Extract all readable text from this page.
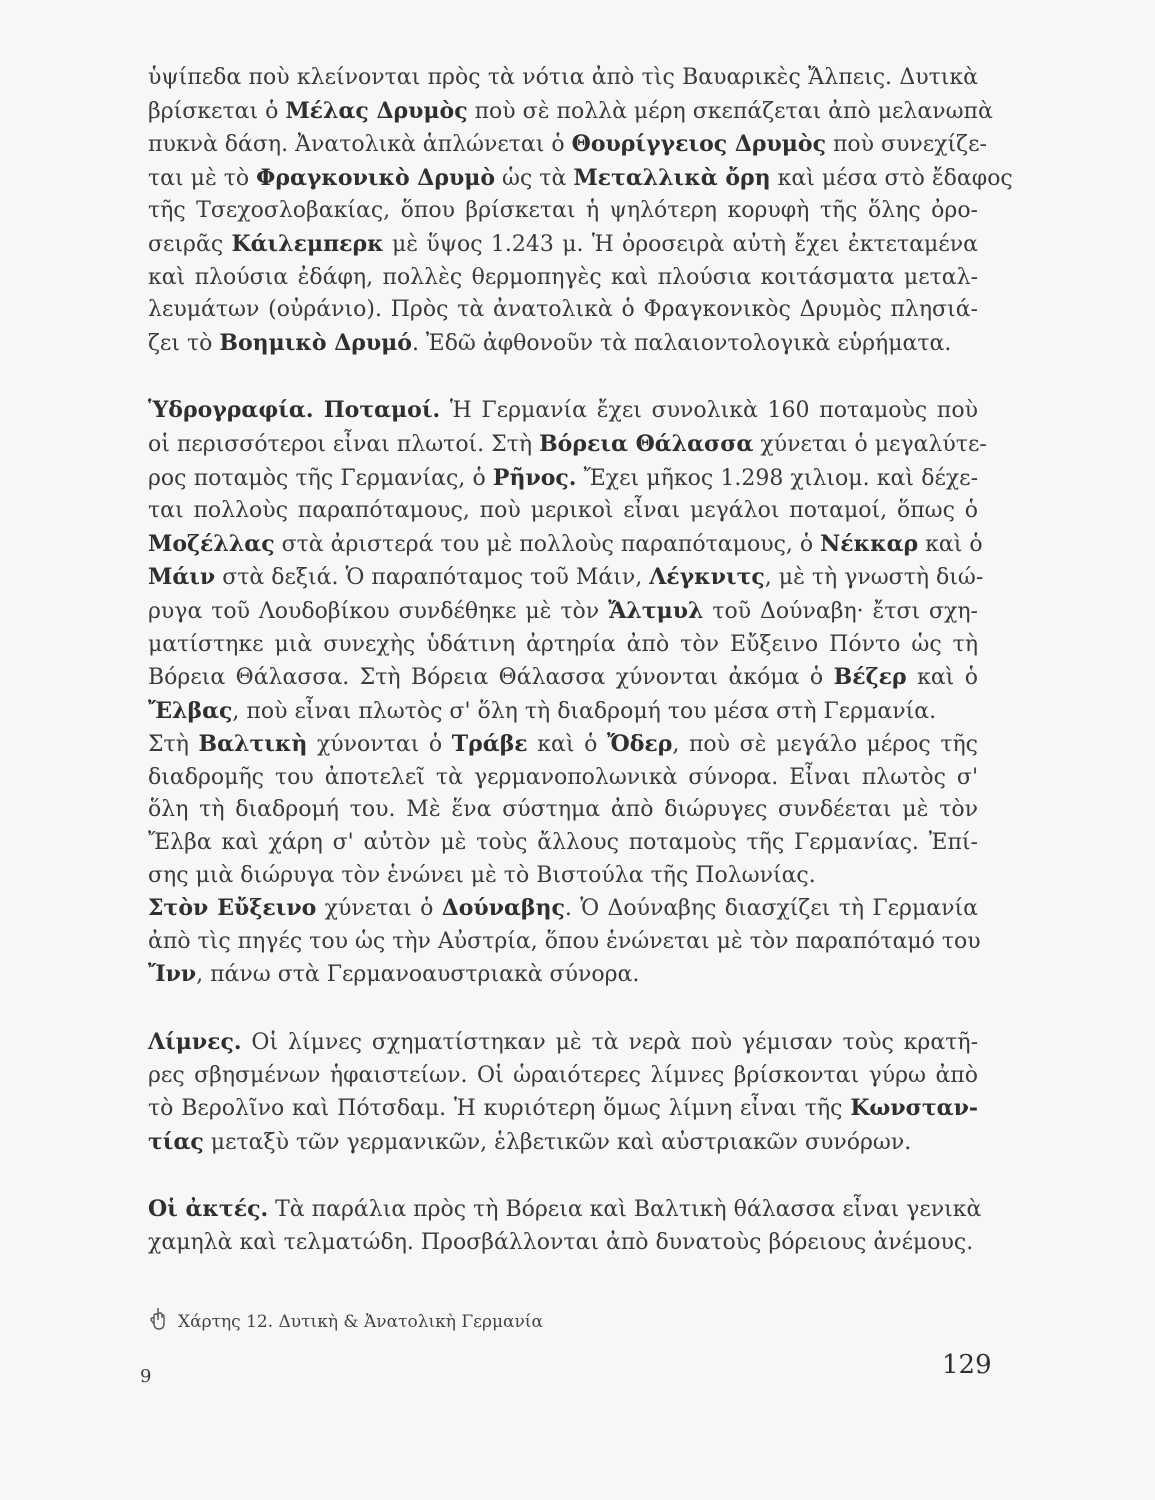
ὑψίπεδα ποὺ κλείνονται πρὸς τὰ νότια ἀπὸ τὶς Βαυαρικὲς Ἄλπεις. Δυτικὰ
βρίσκεται ὁ Μέλας Δρυμὸς ποὺ σὲ πολλὰ μέρη σκεπάζεται ἀπὸ μελανωπὰ
πυκνὰ δάση. Ἀνατολικὰ ἁπλώνεται ὁ Θουρίγγειος Δρυμὸς ποὺ συνεχίζε-
ται μὲ τὸ Φραγκονικὸ Δρυμὸ ὡς τὰ Μεταλλικὰ ὄρη καὶ μέσα στὸ ἔδαφος
τῆς Τσεχοσλοβακίας, ὅπου βρίσκεται ἡ ψηλότερη κορυφὴ τῆς ὅλης ὀρο-
σειρᾶς Κάιλεμπερκ μὲ ὕψος 1.243 μ. Ἡ ὀροσειρὰ αὐτὴ ἔχει ἐκτεταμένα
καὶ πλούσια ἐδάφη, πολλὲς θερμοπηγὲς καὶ πλούσια κοιτάσματα μεταλ-
λευμάτων (οὐράνιο). Πρὸς τὰ ἀνατολικὰ ὁ Φραγκονικὸς Δρυμὸς πλησιά-
ζει τὸ Βοημικὸ Δρυμό. Ἐδῶ ἀφθονοῦν τὰ παλαιοντολογικὰ εὑρήματα.

Ὑδρογραφία. Ποταμοί. Ἡ Γερμανία ἔχει συνολικὰ 160 ποταμοὺς ποὺ
οἱ περισσότεροι εἶναι πλωτοί. Στὴ Βόρεια Θάλασσα χύνεται ὁ μεγαλύτε-
ρος ποταμὸς τῆς Γερμανίας, ὁ Ρῆνος. Ἔχει μῆκος 1.298 χιλιομ. καὶ δέχε-
ται πολλοὺς παραπόταμους, ποὺ μερικοὶ εἶναι μεγάλοι ποταμοί, ὅπως ὁ
Μοζέλλας στὰ ἀριστερά του μὲ πολλοὺς παραπόταμους, ὁ Νέκκαρ καὶ ὁ
Μάιν στὰ δεξιά. Ὁ παραπόταμος τοῦ Μάιν, Λέγκνιτς, μὲ τὴ γνωστὴ διώ-
ρυγα τοῦ Λουδοβίκου συνδέθηκε μὲ τὸν Ἄλτμυλ τοῦ Δούναβη· ἔτσι σχη-
ματίστηκε μιὰ συνεχὴς ὑδάτινη ἀρτηρία ἀπὸ τὸν Εὔξεινο Πόντο ὡς τὴ
Βόρεια Θάλασσα. Στὴ Βόρεια Θάλασσα χύνονται ἀκόμα ὁ Βέζερ καὶ ὁ
Ἔλβας, ποὺ εἶναι πλωτὸς σ' ὅλη τὴ διαδρομή του μέσα στὴ Γερμανία.

Στὴ Βαλτικὴ χύνονται ὁ Τράβε καὶ ὁ Ὄδερ, ποὺ σὲ μεγάλο μέρος τῆς
διαδρομῆς του ἀποτελεῖ τὰ γερμανοπολωνικὰ σύνορα. Εἶναι πλωτὸς σ'
ὅλη τὴ διαδρομή του. Μὲ ἕνα σύστημα ἀπὸ διώρυγες συνδέεται μὲ τὸν
Ἔλβα καὶ χάρη σ' αὐτὸν μὲ τοὺς ἄλλους ποταμοὺς τῆς Γερμανίας. Ἐπί-
σης μιὰ διώρυγα τὸν ἑνώνει μὲ τὸ Βιστούλα τῆς Πολωνίας.

Στὸν Εὔξεινο χύνεται ὁ Δούναβης. Ὁ Δούναβης διασχίζει τὴ Γερμανία
ἀπὸ τὶς πηγές του ὡς τὴν Αὐστρία, ὅπου ἑνώνεται μὲ τὸν παραπόταμό του
Ἴνν, πάνω στὰ Γερμανοαυστριακὰ σύνορα.

Λίμνες. Οἱ λίμνες σχηματίστηκαν μὲ τὰ νερὰ ποὺ γέμισαν τοὺς κρατῆ-
ρες σβησμένων ἡφαιστείων. Οἱ ὡραιότερες λίμνες βρίσκονται γύρω ἀπὸ
τὸ Βερολῖνο καὶ Πότσδαμ. Ἡ κυριότερη ὅμως λίμνη εἶναι τῆς Κωνσταν-
τίας μεταξὺ τῶν γερμανικῶν, ἑλβετικῶν καὶ αὐστριακῶν συνόρων.

Οἱ ἀκτές. Τὰ παράλια πρὸς τὴ Βόρεια καὶ Βαλτικὴ θάλασσα εἶναι γενικὰ
χαμηλὰ καὶ τελματώδη. Προσβάλλονται ἀπὸ δυνατοὺς βόρειους ἀνέμους.

Χάρτης 12. Δυτικὴ & Ἀνατολικὴ Γερμανία
9	129
